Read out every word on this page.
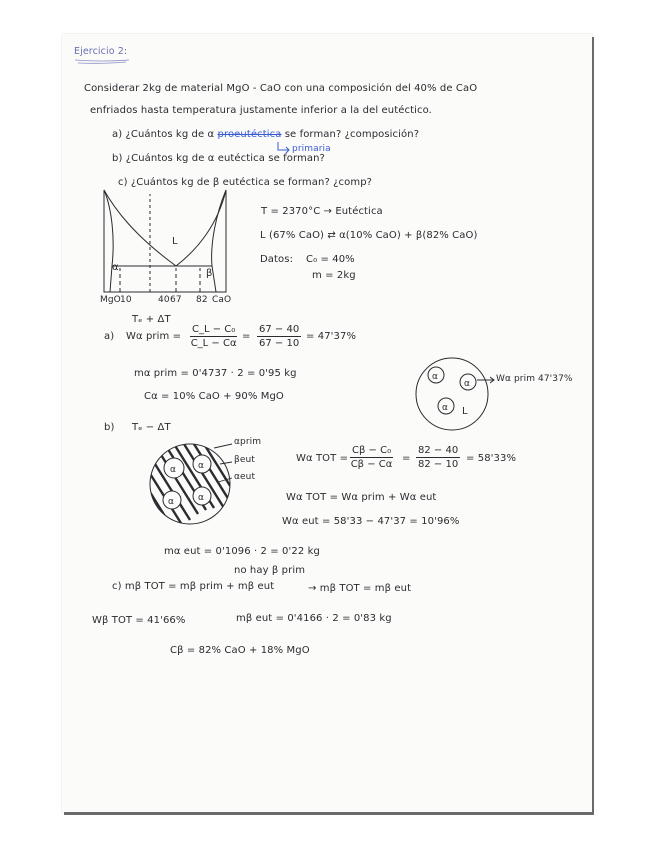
Ejercicio 2:
Considerar 2kg de material MgO - CaO con una composición del 40% de CaO
enfriados hasta temperatura justamente inferior a la del eutéctico.
a) ¿Cuántos kg de α proeutéctica se forman? ¿composición?
primaria
b) ¿Cuántos kg de α eutéctica se forman?
c) ¿Cuántos kg de β eutéctica se forman? ¿comp?
L
α
β
MgO 10	40 67 82 CaO
T = 2370°C → Eutéctica
L (67% CaO) ⇄ α(10% CaO) + β(82% CaO)
Datos: C₀ = 40%
m = 2kg
Tₑ + ΔT
a) Wα prim = $\frac{\text{C\_L − C₀}}{C\_L - C\alpha} = \frac{67 - 40}{67 - 10} = 47'37\%$
mα prim = 0'4737 · 2 = 0'95 kg
Cα = 10% CaO + 90% MgO
α
α
α L
Wα prim 47'37%
b) Tₑ − ΔT
α α
α	α
αprim
βeut
αeut
Wα TOT = $\frac{\text{Cβ − C₀}}{C\beta - C\alpha} = \frac{82 - 40}{82 - 10} = 58'33\%$
Wα TOT = Wα prim + Wα eut
Wα eut = 58'33 − 47'37 = 10'96%
mα eut = 0'1096 · 2 = 0'22 kg
no hay β prim
c) mβ TOT = mβ prim + mβ eut	→ mβ TOT = mβ eut
Wβ TOT = 41'66%	mβ eut = 0'4166 · 2 = 0'83 kg
Cβ = 82% CaO + 18% MgO
